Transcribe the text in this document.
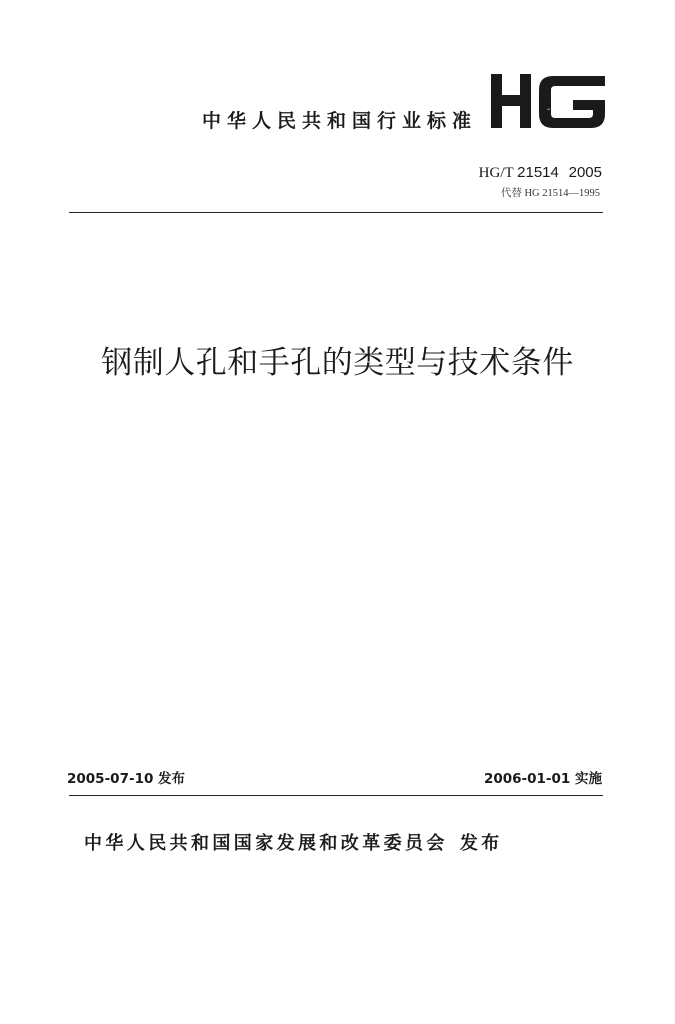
中华人民共和国行业标准	HG
HG/T 21514 2005
代替 HG 21514—1995
钢制人孔和手孔的类型与技术条件
2005-07-10 发布	2006-01-01 实施
中华人民共和国国家发展和改革委员会 发布
